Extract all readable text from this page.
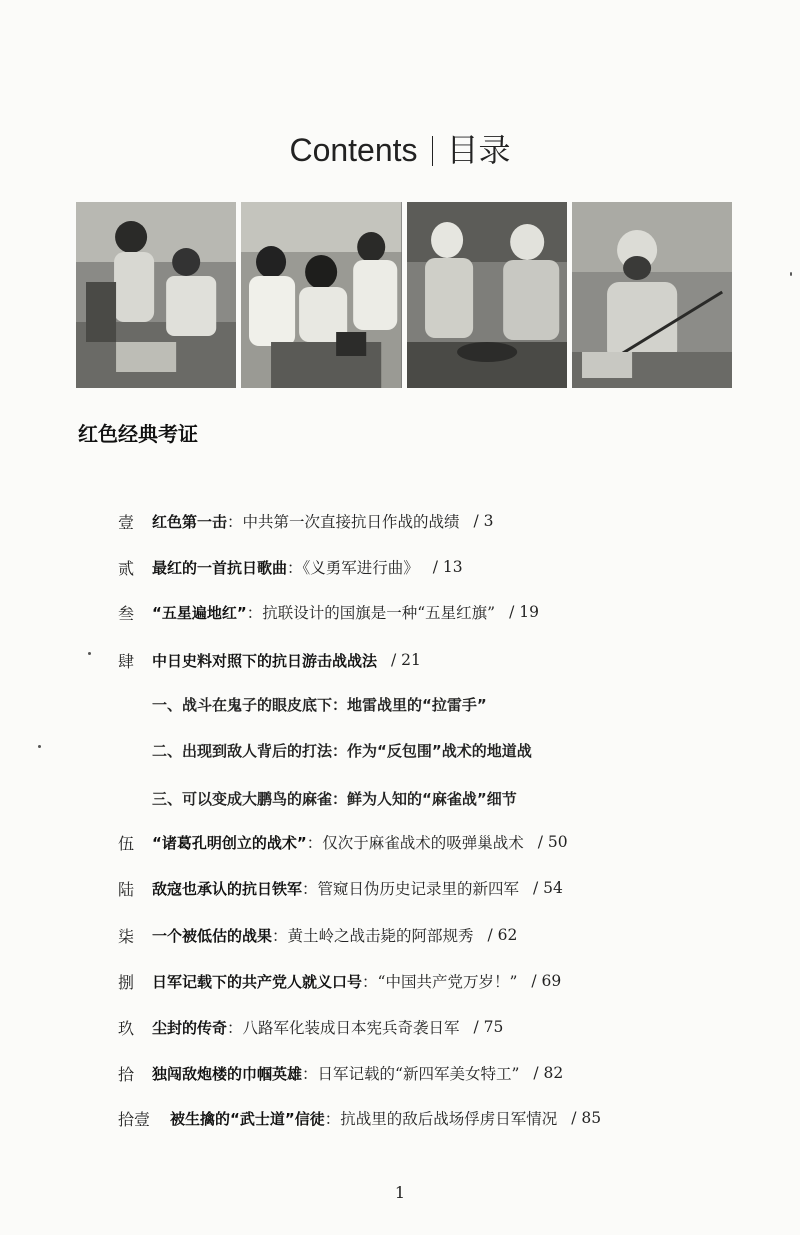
Contents 目录
红色经典考证
壹	红色第一击 ：中共第一次直接抗日作战的战绩 / 3
贰	最红的一首抗日歌曲 ：《义勇军进行曲》 / 13
叁	“五星遍地红” ：抗联设计的国旗是一种“五星红旗” / 19
肆	中日史料对照下的抗日游击战战法 / 21
一、战斗在鬼子的眼皮底下：地雷战里的“拉雷手”
二、出现到敌人背后的打法：作为“反包围”战术的地道战
三、可以变成大鹏鸟的麻雀：鲜为人知的“麻雀战”细节
伍	“诸葛孔明创立的战术” ：仅次于麻雀战术的吸弹巢战术 / 50
陆	敌寇也承认的抗日铁军 ：管窥日伪历史记录里的新四军 / 54
柒	一个被低估的战果 ：黄土岭之战击毙的阿部规秀 / 62
捌	日军记载下的共产党人就义口号 ：“中国共产党万岁！” / 69
玖	尘封的传奇 ：八路军化装成日本宪兵奇袭日军 / 75
拾	独闯敌炮楼的巾帼英雄 ：日军记载的“新四军美女特工” / 82
拾壹	被生擒的“武士道”信徒 ：抗战里的敌后战场俘虏日军情况 / 85
1
